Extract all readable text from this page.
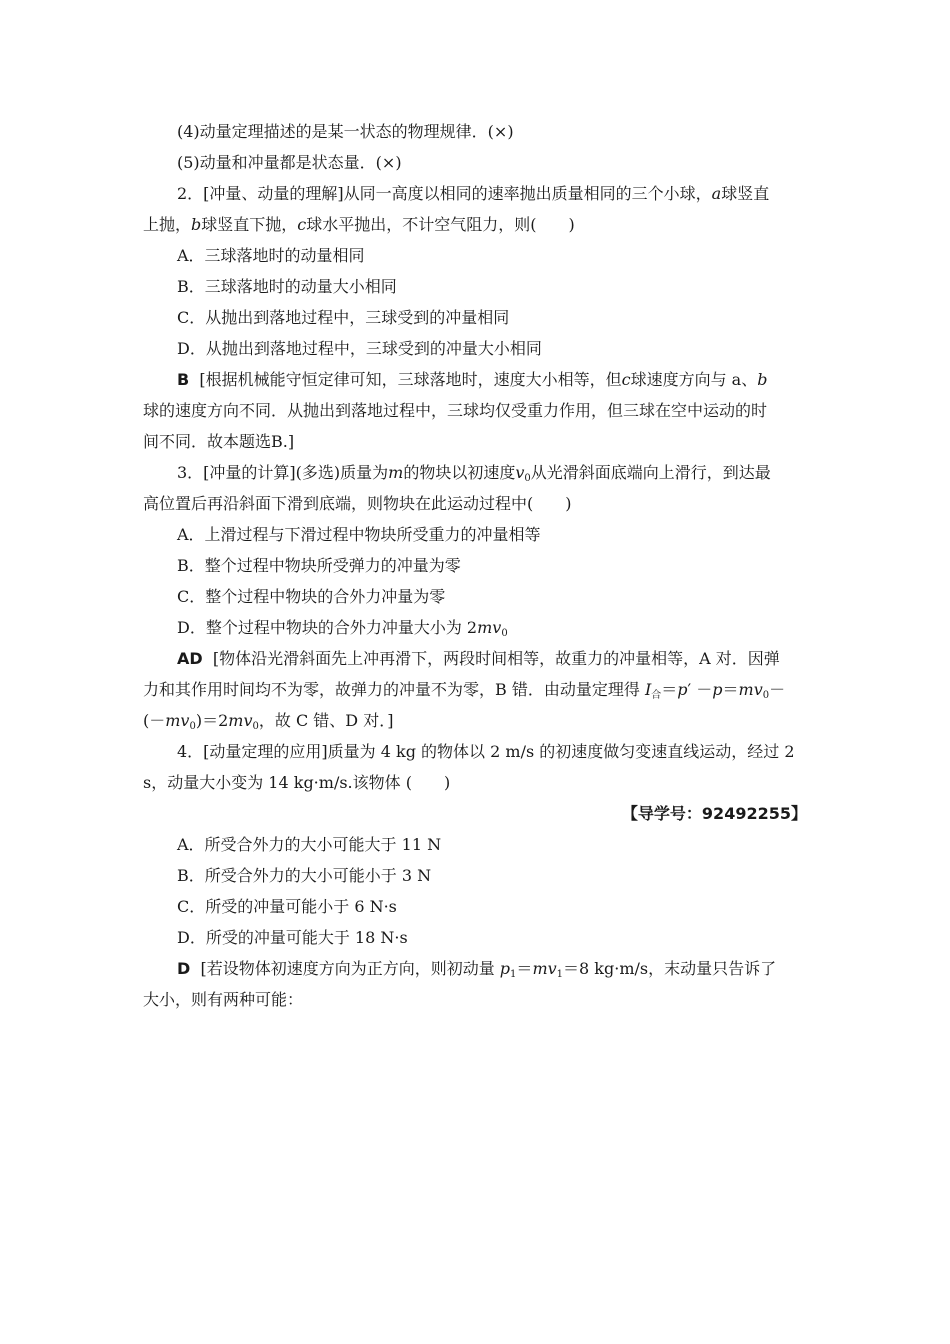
(4)动量定理描述的是某一状态的物理规律．(×)
(5)动量和冲量都是状态量．(×)
2．[冲量、动量的理解]从同一高度以相同的速率抛出质量相同的三个小球，a球竖直
上抛，b球竖直下抛，c球水平抛出，不计空气阻力，则(　　)
A．三球落地时的动量相同
B．三球落地时的动量大小相同
C．从抛出到落地过程中，三球受到的冲量相同
D．从抛出到落地过程中，三球受到的冲量大小相同
B [根据机械能守恒定律可知，三球落地时，速度大小相等，但c球速度方向与 a、b
球的速度方向不同．从抛出到落地过程中，三球均仅受重力作用，但三球在空中运动的时
间不同．故本题选B.]
3．[冲量的计算](多选)质量为m的物块以初速度$v_0$从光滑斜面底端向上滑行，到达最
高位置后再沿斜面下滑到底端，则物块在此运动过程中(　　)
A．上滑过程与下滑过程中物块所受重力的冲量相等
B．整个过程中物块所受弹力的冲量为零
C．整个过程中物块的合外力冲量为零
D．整个过程中物块的合外力冲量大小为 $2mv_0$
AD [物体沿光滑斜面先上冲再滑下，两段时间相等，故重力的冲量相等，A 对．因弹
力和其作用时间均不为零，故弹力的冲量不为零，B 错．由动量定理得 $I_合=p' -p=mv_0-$
$(-mv_0)=2mv_0$，故 C 错、D 对．]
4．[动量定理的应用]质量为 4 kg 的物体以 2 m/s 的初速度做匀变速直线运动，经过 2
s，动量大小变为 14 kg·m/s.该物体 (　　)
【导学号：92492255】
A．所受合外力的大小可能大于 11 N
B．所受合外力的大小可能小于 3 N
C．所受的冲量可能小于 6 N·s
D．所受的冲量可能大于 18 N·s
D [若设物体初速度方向为正方向，则初动量 $p_1=mv_1=8$ kg·m/s，末动量只告诉了
大小，则有两种可能：
